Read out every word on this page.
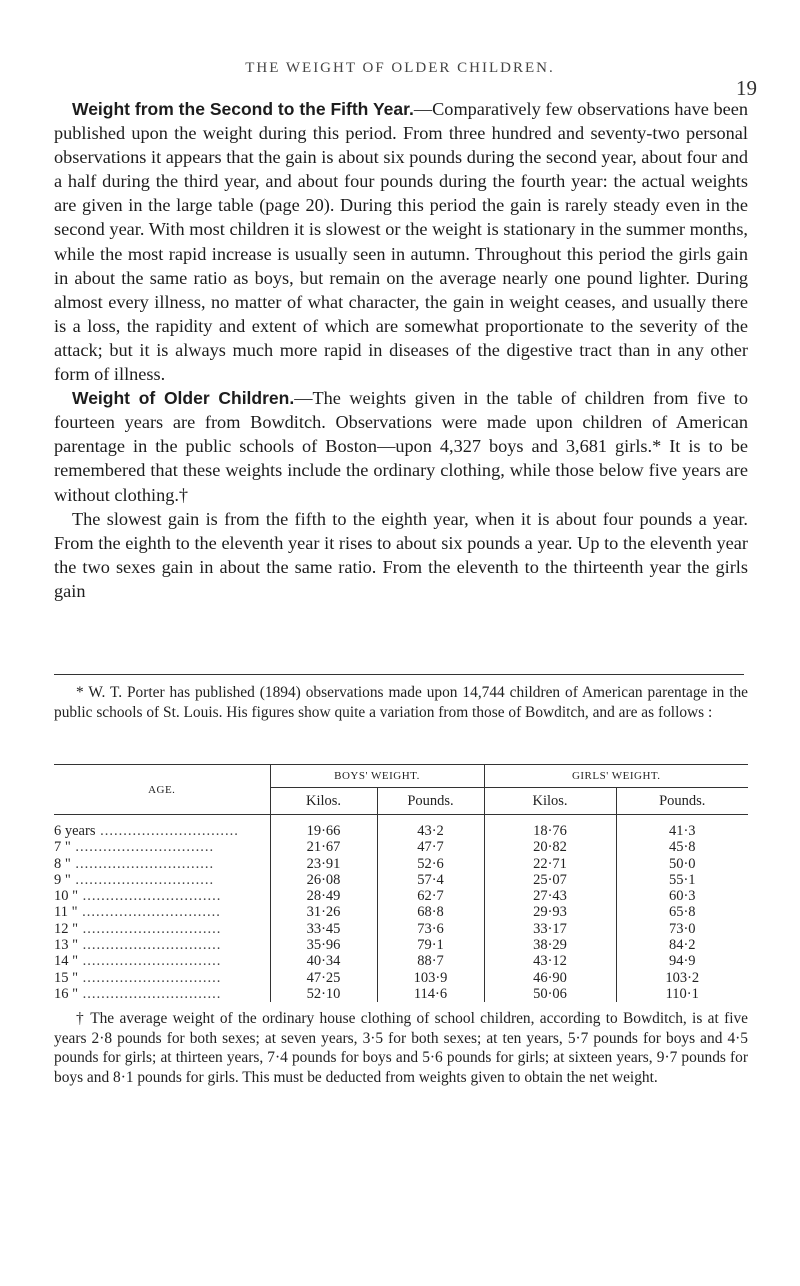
THE WEIGHT OF OLDER CHILDREN.
19

Weight from the Second to the Fifth Year.—Comparatively few observations have been published upon the weight during this period. From three hundred and seventy-two personal observations it appears that the gain is about six pounds during the second year, about four and a half during the third year, and about four pounds during the fourth year: the actual weights are given in the large table (page 20). During this period the gain is rarely steady even in the second year. With most children it is slowest or the weight is stationary in the summer months, while the most rapid increase is usually seen in autumn. Throughout this period the girls gain in about the same ratio as boys, but remain on the average nearly one pound lighter. During almost every illness, no matter of what character, the gain in weight ceases, and usually there is a loss, the rapidity and extent of which are somewhat proportionate to the severity of the attack; but it is always much more rapid in diseases of the digestive tract than in any other form of illness.

Weight of Older Children.—The weights given in the table of children from five to fourteen years are from Bowditch. Observations were made upon children of American parentage in the public schools of Boston—upon 4,327 boys and 3,681 girls.* It is to be remembered that these weights include the ordinary clothing, while those below five years are without clothing.†

The slowest gain is from the fifth to the eighth year, when it is about four pounds a year. From the eighth to the eleventh year it rises to about six pounds a year. Up to the eleventh year the two sexes gain in about the same ratio. From the eleventh to the thirteenth year the girls gain

* W. T. Porter has published (1894) observations made upon 14,744 children of American parentage in the public schools of St. Louis. His figures show quite a variation from those of Bowditch, and are as follows :

AGE.	BOYS' WEIGHT.		GIRLS' WEIGHT.	
	Kilos.	Pounds.	Kilos.	Pounds.
6 years ..............................	19·66	43·2	18·76	41·3
7 " ..............................	21·67	47·7	20·82	45·8
8 " ..............................	23·91	52·6	22·71	50·0
9 " ..............................	26·08	57·4	25·07	55·1
10 " ..............................	28·49	62·7	27·43	60·3
11 " ..............................	31·26	68·8	29·93	65·8
12 " ..............................	33·45	73·6	33·17	73·0
13 " ..............................	35·96	79·1	38·29	84·2
14 " ..............................	40·34	88·7	43·12	94·9
15 " ..............................	47·25	103·9	46·90	103·2
16 " ..............................	52·10	114·6	50·06	110·1

† The average weight of the ordinary house clothing of school children, according to Bowditch, is at five years 2·8 pounds for both sexes; at seven years, 3·5 for both sexes; at ten years, 5·7 pounds for boys and 4·5 pounds for girls; at thirteen years, 7·4 pounds for boys and 5·6 pounds for girls; at sixteen years, 9·7 pounds for boys and 8·1 pounds for girls. This must be deducted from weights given to obtain the net weight.
